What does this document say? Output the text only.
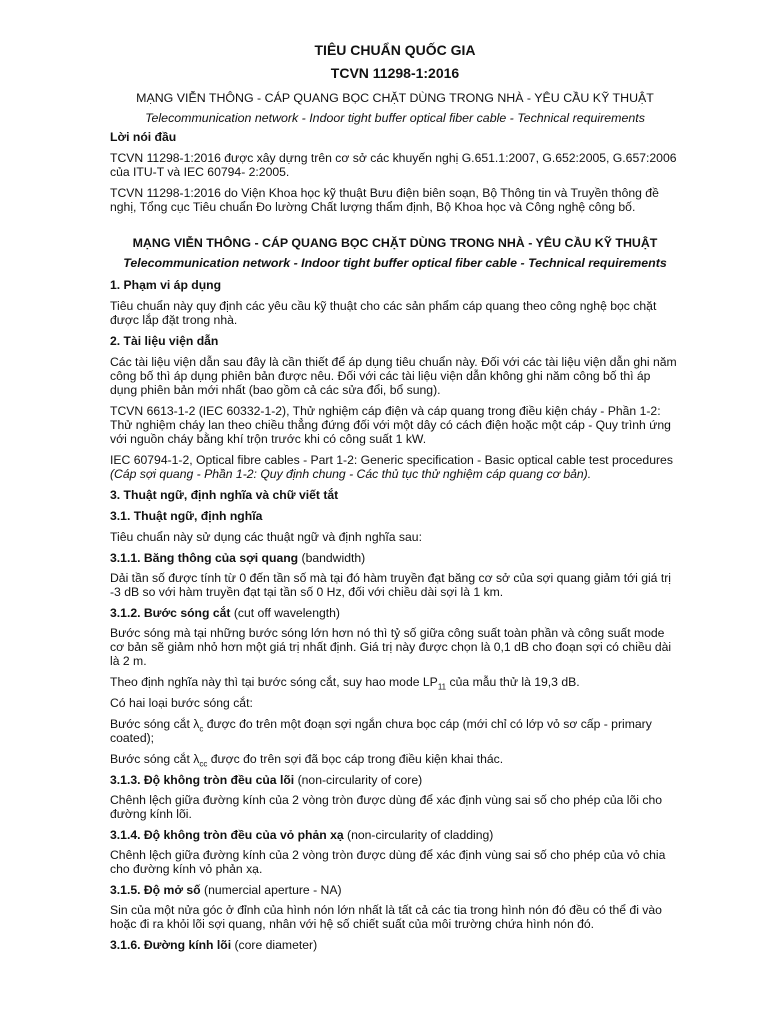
TIÊU CHUẨN QUỐC GIA
TCVN 11298-1:2016
MẠNG VIỄN THÔNG - CÁP QUANG BỌC CHẶT DÙNG TRONG NHÀ - YÊU CẦU KỸ THUẬT
Telecommunication network - Indoor tight buffer optical fiber cable - Technical requirements
Lời nói đầu

TCVN 11298-1:2016 được xây dựng trên cơ sở các khuyến nghị G.651.1:2007, G.652:2005, G.657:2006 của ITU-T và IEC 60794- 2:2005.

TCVN 11298-1:2016 do Viện Khoa học kỹ thuật Bưu điện biên soạn, Bộ Thông tin và Truyền thông đề nghị, Tổng cục Tiêu chuẩn Đo lường Chất lượng thẩm định, Bộ Khoa học và Công nghệ công bố.

MẠNG VIỄN THÔNG - CÁP QUANG BỌC CHẶT DÙNG TRONG NHÀ - YÊU CẦU KỸ THUẬT
Telecommunication network - Indoor tight buffer optical fiber cable - Technical requirements
1. Phạm vi áp dụng

Tiêu chuẩn này quy định các yêu cầu kỹ thuật cho các sản phẩm cáp quang theo công nghệ bọc chặt được lắp đặt trong nhà.

2. Tài liệu viện dẫn

Các tài liệu viện dẫn sau đây là cần thiết để áp dụng tiêu chuẩn này. Đối với các tài liệu viện dẫn ghi năm công bố thì áp dụng phiên bản được nêu. Đối với các tài liệu viện dẫn không ghi năm công bố thì áp dụng phiên bản mới nhất (bao gồm cả các sửa đổi, bổ sung).

TCVN 6613-1-2 (IEC 60332-1-2), Thử nghiệm cáp điện và cáp quang trong điều kiện cháy - Phần 1-2: Thử nghiệm cháy lan theo chiều thẳng đứng đối với một dây có cách điện hoặc một cáp - Quy trình ứng với nguồn cháy bằng khí trộn trước khi có công suất 1 kW.

IEC 60794-1-2, Optical fibre cables - Part 1-2: Generic specification - Basic optical cable test procedures (Cáp sợi quang - Phần 1-2: Quy định chung - Các thủ tục thử nghiệm cáp quang cơ bản).

3. Thuật ngữ, định nghĩa và chữ viết tắt
3.1. Thuật ngữ, định nghĩa

Tiêu chuẩn này sử dụng các thuật ngữ và định nghĩa sau:

3.1.1. Băng thông của sợi quang (bandwidth)

Dải tần số được tính từ 0 đến tần số mà tại đó hàm truyền đạt băng cơ sở của sợi quang giảm tới giá trị -3 dB so với hàm truyền đạt tại tần số 0 Hz, đối với chiều dài sợi là 1 km.

3.1.2. Bước sóng cắt (cut off wavelength)

Bước sóng mà tại những bước sóng lớn hơn nó thì tỷ số giữa công suất toàn phần và công suất mode cơ bản sẽ giảm nhỏ hơn một giá trị nhất định. Giá trị này được chọn là 0,1 dB cho đoạn sợi có chiều dài là 2 m.

Theo định nghĩa này thì tại bước sóng cắt, suy hao mode $LP_{11}$ của mẫu thử là 19,3 dB.

Có hai loại bước sóng cắt:

Bước sóng cắt $\lambda_c$ được đo trên một đoạn sợi ngắn chưa bọc cáp (mới chỉ có lớp vỏ sơ cấp - primary coated);

Bước sóng cắt $\lambda_{cc}$ được đo trên sợi đã bọc cáp trong điều kiện khai thác.

3.1.3. Độ không tròn đều của lõi (non-circularity of core)

Chênh lệch giữa đường kính của 2 vòng tròn được dùng để xác định vùng sai số cho phép của lõi cho đường kính lõi.

3.1.4. Độ không tròn đều của vỏ phản xạ (non-circularity of cladding)

Chênh lệch giữa đường kính của 2 vòng tròn được dùng để xác định vùng sai số cho phép của vỏ chia cho đường kính vỏ phản xạ.

3.1.5. Độ mở số (numercial aperture - NA)

Sin của một nửa góc ở đỉnh của hình nón lớn nhất là tất cả các tia trong hình nón đó đều có thể đi vào hoặc đi ra khỏi lõi sợi quang, nhân với hệ số chiết suất của môi trường chứa hình nón đó.

3.1.6. Đường kính lõi (core diameter)
